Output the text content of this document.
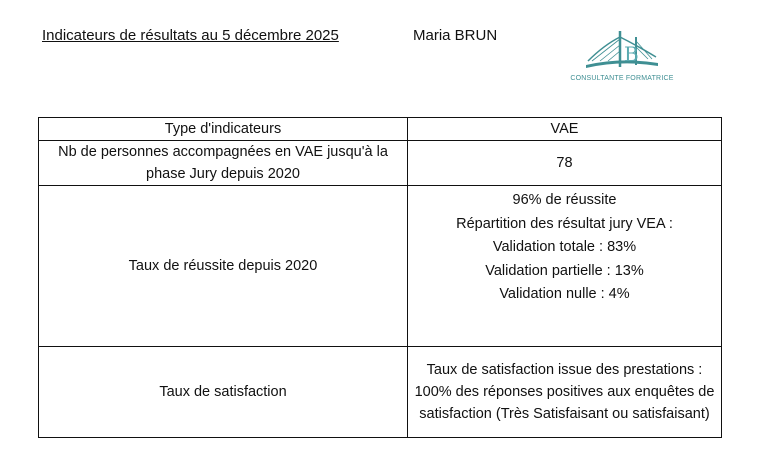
Indicateurs de résultats au 5 décembre 2025	Maria BRUN
B
CONSULTANTE FORMATRICE
Type d'indicateurs	VAE
Nb de personnes accompagnées en VAE jusqu'à la phase Jury depuis 2020	78
Taux de réussite depuis 2020	96% de réussite
Répartition des résultat jury VEA :
Validation totale : 83%
Validation partielle : 13%
Validation nulle : 4%

Taux de satisfaction	Taux de satisfaction issue des prestations : 100% des réponses positives aux enquêtes de satisfaction (Très Satisfaisant ou satisfaisant)
